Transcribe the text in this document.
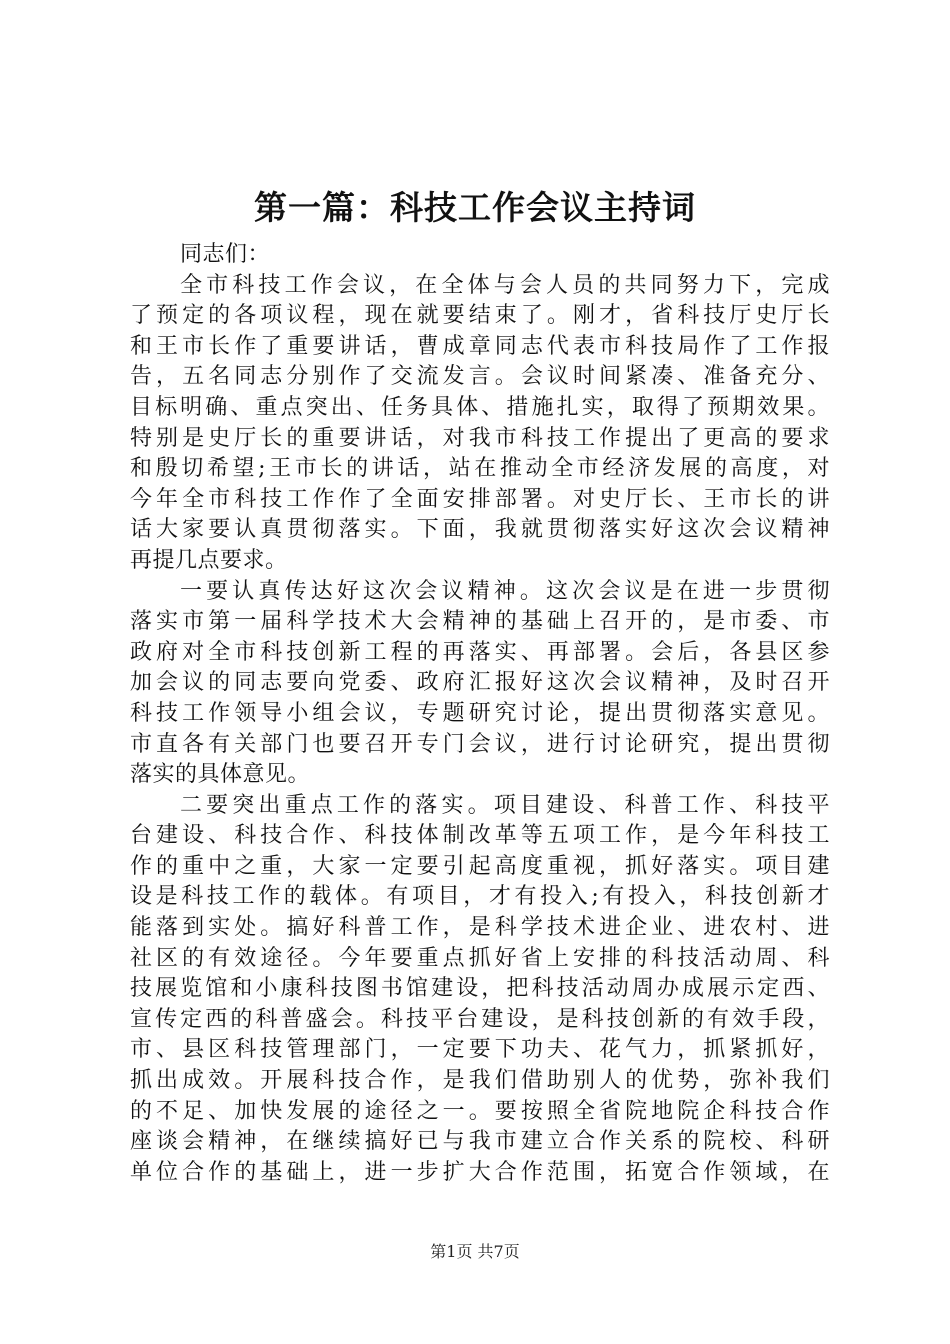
第一篇：科技工作会议主持词
同志们：
全市科技工作会议，在全体与会人员的共同努力下，完成
了预定的各项议程，现在就要结束了。刚才，省科技厅史厅长
和王市长作了重要讲话，曹成章同志代表市科技局作了工作报
告，五名同志分别作了交流发言。会议时间紧凑、准备充分、
目标明确、重点突出、任务具体、措施扎实，取得了预期效果。
特别是史厅长的重要讲话，对我市科技工作提出了更高的要求
和殷切希望;王市长的讲话，站在推动全市经济发展的高度，对
今年全市科技工作作了全面安排部署。对史厅长、王市长的讲
话大家要认真贯彻落实。下面，我就贯彻落实好这次会议精神
再提几点要求。
一要认真传达好这次会议精神。这次会议是在进一步贯彻
落实市第一届科学技术大会精神的基础上召开的，是市委、市
政府对全市科技创新工程的再落实、再部署。会后，各县区参
加会议的同志要向党委、政府汇报好这次会议精神，及时召开
科技工作领导小组会议，专题研究讨论，提出贯彻落实意见。
市直各有关部门也要召开专门会议，进行讨论研究，提出贯彻
落实的具体意见。
二要突出重点工作的落实。项目建设、科普工作、科技平
台建设、科技合作、科技体制改革等五项工作，是今年科技工
作的重中之重，大家一定要引起高度重视，抓好落实。项目建
设是科技工作的载体。有项目，才有投入;有投入，科技创新才
能落到实处。搞好科普工作，是科学技术进企业、进农村、进
社区的有效途径。今年要重点抓好省上安排的科技活动周、科
技展览馆和小康科技图书馆建设，把科技活动周办成展示定西、
宣传定西的科普盛会。科技平台建设，是科技创新的有效手段，
市、县区科技管理部门，一定要下功夫、花气力，抓紧抓好，
抓出成效。开展科技合作，是我们借助别人的优势，弥补我们
的不足、加快发展的途径之一。要按照全省院地院企科技合作
座谈会精神，在继续搞好已与我市建立合作关系的院校、科研
单位合作的基础上，进一步扩大合作范围，拓宽合作领域，在
第1页 共7页
